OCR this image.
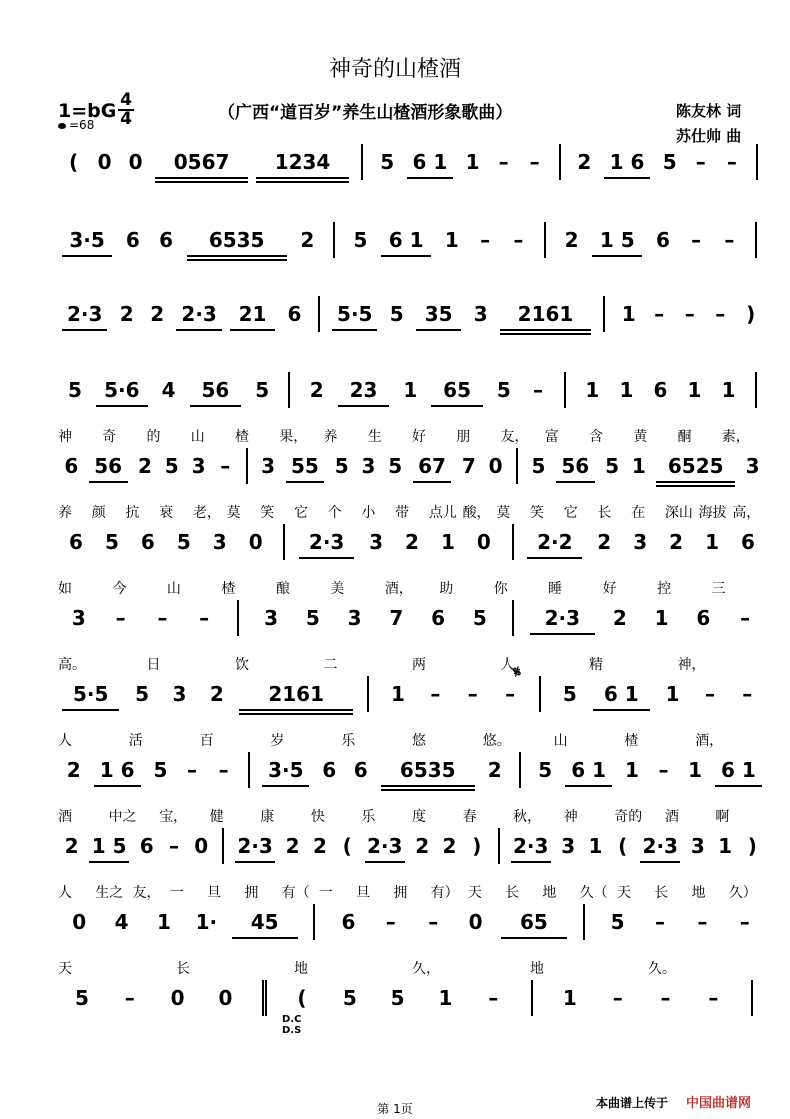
神奇的山楂酒
1=bG
=68
4
4	（广西“道百岁”养生山楂酒形象歌曲）	陈友林 词
苏仕帅 曲
( 0 0	0567	1234	5 6 1 1 –	–	2 1 6 5 –	–
3·5	6 6	6535	2	5	6 1	1	–	–	2	1 5	6	–	–
2·3 2 2 2·3	21	6	5·5 5	35	3	2161	1 –	–	–	)
5	5·6	4	56	5	2	23	1	65	5	–	1	1	6	1	1
神 奇 的 山 楂 果， 养 生 好 朋 友， 富 含 黄 酮 素，
6 56 2 5 3 –	3 55 5 3 5 67 7 0	5 56 5 1	6525	3
养 颜 抗 衰 老， 莫 笑 它 个 小 带 点儿 酸， 莫 笑 它 长 在 深山 海拔 高，
6	5	6	5	3	0	2·3	3	2	1	0	2·2	2	3	2	1	6
如	今	山	楂	酿	美	酒， 助	你	睡	好	控	三
3	–	–	–	3	5	3	7	6	5	2·3	2	1	6	–
高。	日	饮	二	两	人	精	神，
5·5	5	3	2	2161	1	–	–	–	5	6 1	1	–	–
人	活	百	岁	乐	悠	悠。	山	楂	酒，
2 1 6 5 –	–	3·5 6 6	6535	2	5 6 1 1 – 1 6 1
酒	中之 宝， 健	康	快	乐	度	春	秋， 神	奇的 酒	啊
2 1 5 6 – 0	2·3 2 2 ( 2·3 2 2 )	2·3 3 1 ( 2·3 3 1 )
人 生之 友， 一 旦 拥 有（ 一 旦 拥 有） 天 长 地 久（ 天 长 地 久）
0	4	1	1·	45	6	–	–	0	65	5	–	–	–
天	长	地	久，	地	久。
5	–	0	0	(	5	5	1	–	1	–	–	–
𝄋
D.C
D.S
第 1页	本曲谱上传于 中国曲谱网
